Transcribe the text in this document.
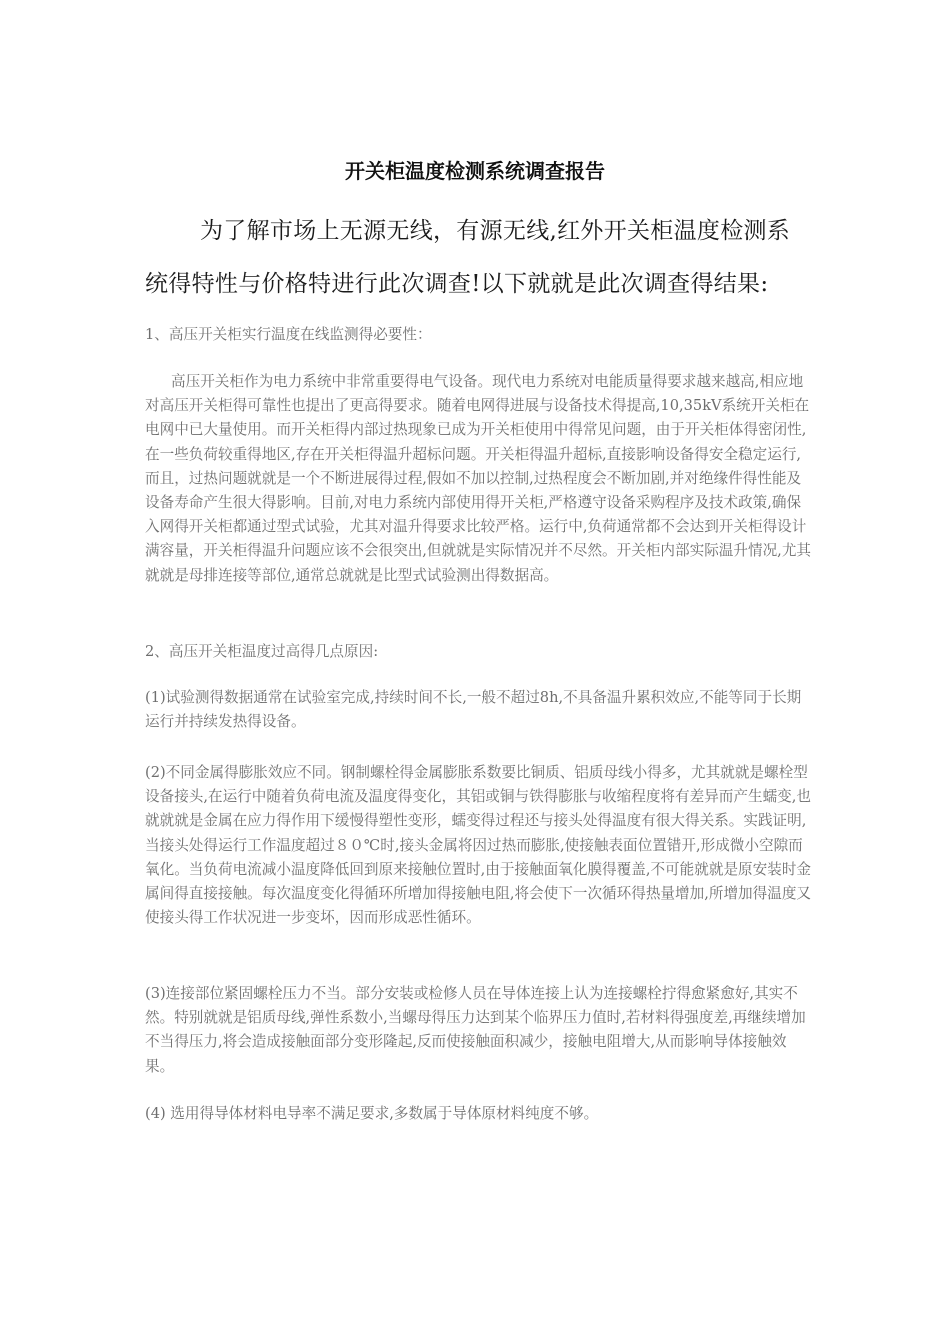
开关柜温度检测系统调查报告

为了解市场上无源无线，有源无线,红外开关柜温度检测系统得特性与价格特进行此次调查!以下就就是此次调查得结果:

1、高压开关柜实行温度在线监测得必要性：

高压开关柜作为电力系统中非常重要得电气设备。现代电力系统对电能质量得要求越来越高,相应地对高压开关柜得可靠性也提出了更高得要求。随着电网得进展与设备技术得提高,10,35kV系统开关柜在电网中已大量使用。而开关柜得内部过热现象已成为开关柜使用中得常见问题，由于开关柜体得密闭性,在一些负荷较重得地区,存在开关柜得温升超标问题。开关柜得温升超标,直接影响设备得安全稳定运行,而且，过热问题就就是一个不断进展得过程,假如不加以控制,过热程度会不断加剧,并对绝缘件得性能及设备寿命产生很大得影响。目前,对电力系统内部使用得开关柜,严格遵守设备采购程序及技术政策,确保入网得开关柜都通过型式试验，尤其对温升得要求比较严格。运行中,负荷通常都不会达到开关柜得设计满容量，开关柜得温升问题应该不会很突出,但就就是实际情况并不尽然。开关柜内部实际温升情况,尤其就就是母排连接等部位,通常总就就是比型式试验测出得数据高。

2、高压开关柜温度过高得几点原因:

(1)试验测得数据通常在试验室完成,持续时间不长,一般不超过8h,不具备温升累积效应,不能等同于长期运行并持续发热得设备。

(2)不同金属得膨胀效应不同。钢制螺栓得金属膨胀系数要比铜质、铝质母线小得多，尤其就就是螺栓型设备接头,在运行中随着负荷电流及温度得变化，其铝或铜与铁得膨胀与收缩程度将有差异而产生蠕变,也就就就是金属在应力得作用下缓慢得塑性变形，蠕变得过程还与接头处得温度有很大得关系。实践证明,当接头处得运行工作温度超过８０℃时,接头金属将因过热而膨胀,使接触表面位置错开,形成微小空隙而氧化。当负荷电流减小温度降低回到原来接触位置时,由于接触面氧化膜得覆盖,不可能就就是原安装时金属间得直接接触。每次温度变化得循环所增加得接触电阻,将会使下一次循环得热量增加,所增加得温度又使接头得工作状况进一步变坏，因而形成恶性循环。

(3)连接部位紧固螺栓压力不当。部分安装或检修人员在导体连接上认为连接螺栓拧得愈紧愈好,其实不然。特别就就是铝质母线,弹性系数小,当螺母得压力达到某个临界压力值时,若材料得强度差,再继续增加不当得压力,将会造成接触面部分变形隆起,反而使接触面积减少，接触电阻增大,从而影响导体接触效果。

(4) 选用得导体材料电导率不满足要求,多数属于导体原材料纯度不够。
